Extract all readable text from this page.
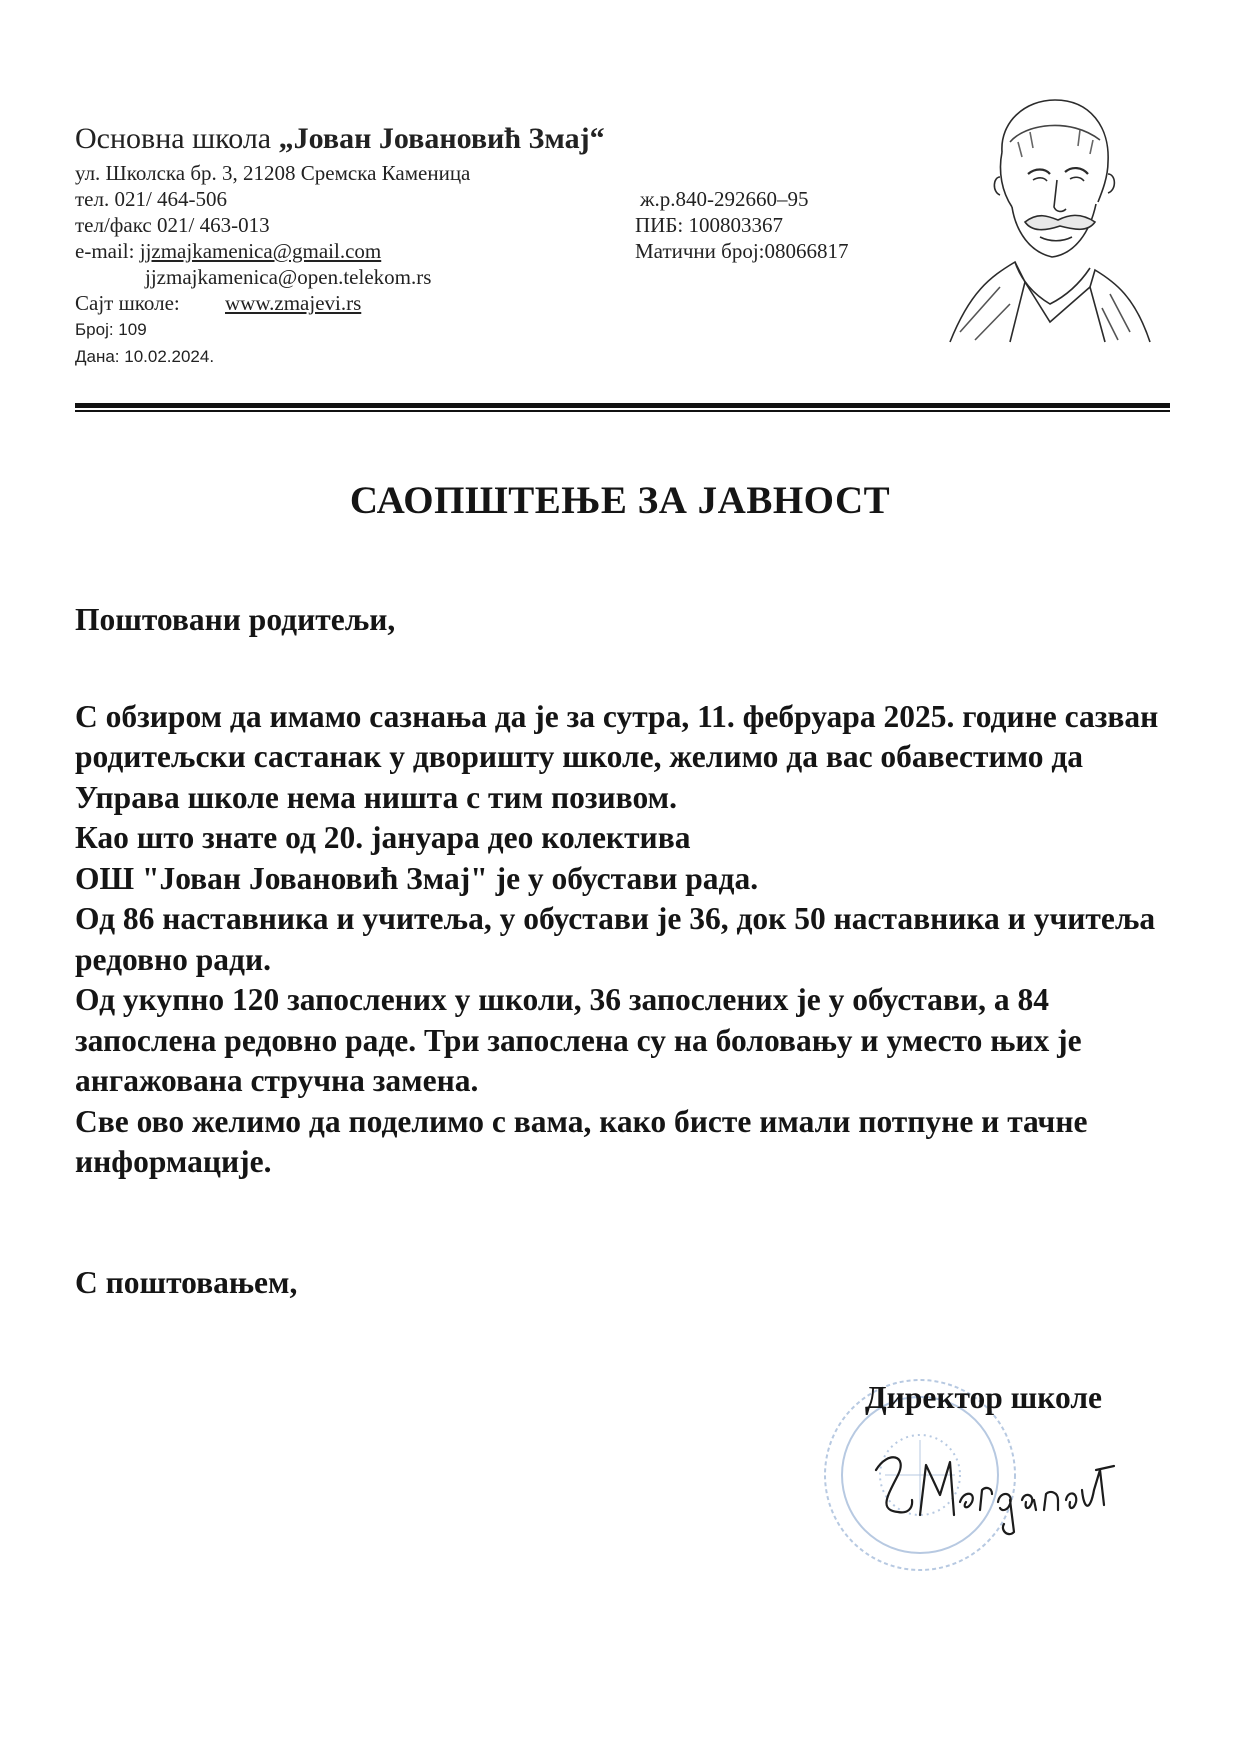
Основна школа „Јован Јовановић Змај“
ул. Школска бр. 3, 21208 Сремска Каменица
тел. 021/ 464-506	ж.р.840-292660–95
тел/факс 021/ 463-013	ПИБ: 100803367
e-mail: jjzmajkamenica@gmail.com	Матични број:08066817
jjzmajkamenica@open.telekom.rs
Сајт школе: www.zmajevi.rs
Број: 109
Дана: 10.02.2024.
САОПШТЕЊЕ ЗА ЈАВНОСТ

Поштовани родитељи,

С обзиром да имамо сазнања да је за сутра, 11. фебруара 2025. године сазван родитељски састанак у дворишту школе, желимо да вас обавестимо да Управа школе нема ништа с тим позивом.

Као што знате од 20. јануара део колектива

ОШ "Јован Јовановић Змај" је у обустави рада.

Од 86 наставника и учитеља, у обустави је 36, док 50 наставника и учитеља редовно ради.

Од укупно 120 запослених у школи, 36 запослених је у обустави, а 84 запослена редовно раде. Три запослена су на боловању и уместо њих је ангажована стручна замена.

Све ово желимо да поделимо с вама, како бисте имали потпуне и тачне информације.

С поштовањем,

Директор школе
